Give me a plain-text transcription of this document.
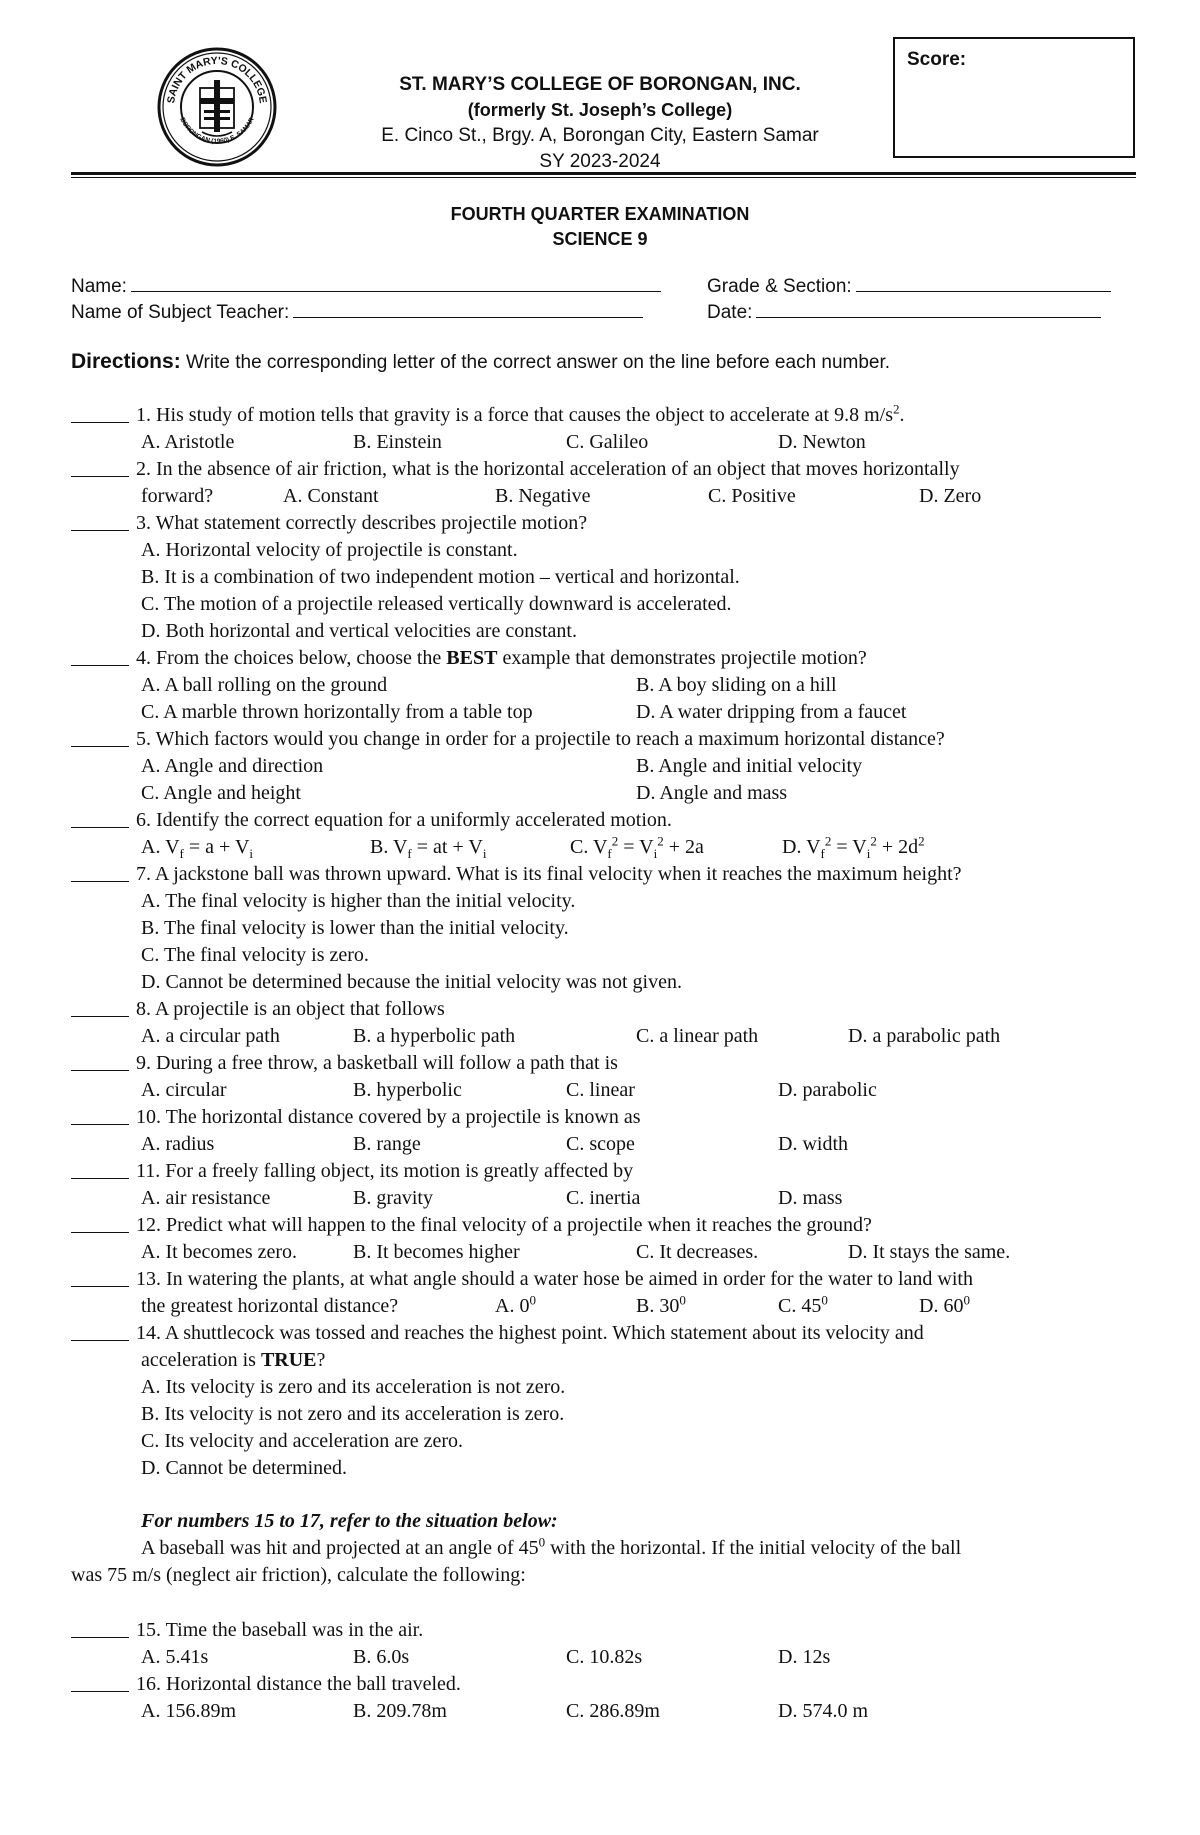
SAINT MARY'S COLLEGE
BORONGAN (1960) E. SAMAR
ST. MARY’S COLLEGE OF BORONGAN, INC.
(formerly St. Joseph’s College)
E. Cinco St., Brgy. A, Borongan City, Eastern Samar
SY 2023-2024
Score:
FOURTH QUARTER EXAMINATION
SCIENCE 9
Name:	Grade & Section:
Name of Subject Teacher:	Date:
Directions: Write the corresponding letter of the correct answer on the line before each number.
1. His study of motion tells that gravity is a force that causes the object to accelerate at 9.8 $m/s^2$.
A. Aristotle	B. Einstein	C. Galileo	D. Newton
2. In the absence of air friction, what is the horizontal acceleration of an object that moves horizontally
forward?	A. Constant	B. Negative	C. Positive	D. Zero
3. What statement correctly describes projectile motion?
A. Horizontal velocity of projectile is constant.
B. It is a combination of two independent motion – vertical and horizontal.
C. The motion of a projectile released vertically downward is accelerated.
D. Both horizontal and vertical velocities are constant.
4. From the choices below, choose the BEST example that demonstrates projectile motion?
A. A ball rolling on the ground	B. A boy sliding on a hill
C. A marble thrown horizontally from a table top	D. A water dripping from a faucet
5. Which factors would you change in order for a projectile to reach a maximum horizontal distance?
A. Angle and direction	B. Angle and initial velocity
C. Angle and height	D. Angle and mass
6. Identify the correct equation for a uniformly accelerated motion.
A. $V_f = a + V_i$	B. $V_f$ = at + $V_i$	C. $V_f^2 = V_i^2 + 2a$	D. $V_f^2 = V_i^2 + 2d^2$
7. A jackstone ball was thrown upward. What is its final velocity when it reaches the maximum height?
A. The final velocity is higher than the initial velocity.
B. The final velocity is lower than the initial velocity.
C. The final velocity is zero.
D. Cannot be determined because the initial velocity was not given.
8. A projectile is an object that follows
A. a circular path	B. a hyperbolic path	C. a linear path	D. a parabolic path
9. During a free throw, a basketball will follow a path that is
A. circular	B. hyperbolic	C. linear	D. parabolic
10. The horizontal distance covered by a projectile is known as
A. radius	B. range	C. scope	D. width
11. For a freely falling object, its motion is greatly affected by
A. air resistance	B. gravity	C. inertia	D. mass
12. Predict what will happen to the final velocity of a projectile when it reaches the ground?
A. It becomes zero.	B. It becomes higher	C. It decreases.	D. It stays the same.
13. In watering the plants, at what angle should a water hose be aimed in order for the water to land with
the greatest horizontal distance?	A. $0^0$	B. $30^0$	C. $45^0$	D. $60^0$
14. A shuttlecock was tossed and reaches the highest point. Which statement about its velocity and
acceleration is TRUE?
A. Its velocity is zero and its acceleration is not zero.
B. Its velocity is not zero and its acceleration is zero.
C. Its velocity and acceleration are zero.
D. Cannot be determined.
For numbers 15 to 17, refer to the situation below:
A baseball was hit and projected at an angle of $45^0$ with the horizontal. If the initial velocity of the ball
was 75 m/s (neglect air friction), calculate the following:
15. Time the baseball was in the air.
A. 5.41s	B. 6.0s	C. 10.82s	D. 12s
16. Horizontal distance the ball traveled.
A. 156.89m	B. 209.78m	C. 286.89m	D. 574.0 m
